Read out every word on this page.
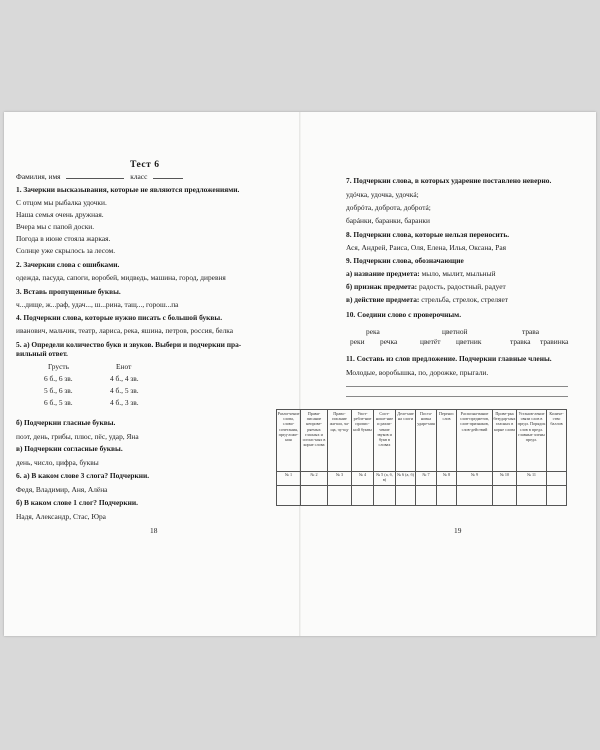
Тест 6
Фамилия, имя	класс
1. Зачеркни высказывания, которые не являются предложениями.
С отцом мы рыбалка удочки.
Наша семья очень дружная.
Вчера мы с папой доски.
Погода в июне стояла жаркая.
Солнце уже скрылось за лесом.
2. Зачеркни слова с ошибками.
одежда, пасуда, сапоги, воробей, мидведь, машина, город, диревня
3. Вставь пропущенные буквы.
ч...дище, ж...раф, удач..., ш...рина, тащ..., горош...па
4. Подчеркни слова, которые нужно писать с большой буквы.
иванович, мальчик, театр, лариса, река, яшина, петров, россия, белка
5. а) Определи количество букв и звуков. Выбери и подчеркни пра-
вильный ответ.
Грусть	Енот
6 б., 6 зв.	4 б., 4 зв.
5 б., 6 зв.	4 б., 5 зв.
6 б., 5 зв.	4 б., 3 зв.
б) Подчеркни гласные буквы.
поэт, день, грибы, плюс, пёс, удар, Яна
в) Подчеркни согласные буквы.
день, число, цифра, буквы
6. а) В каком слове 3 слога? Подчеркни.
Федя, Владимир, Аня, Алёна
б) В каком слове 1 слог? Подчеркни.
Надя, Александр, Стас, Юра
18
7. Подчеркни слова, в которых ударение поставлено неверно.
удóчка, удочка, удочкá;
добрóта, доброта, добротá;
барáнки, баранки, баранки
8. Подчеркни слова, которые нельзя переносить.
Ася, Андрей, Раиса, Оля, Елена, Илья, Оксана, Рая
9. Подчеркни слова, обозначающие
а) название предмета: мыло, мылит, мыльный
б) признак предмета: радость, радостный, радует
в) действие предмета: стрельба, стрелок, стреляет
10. Соедини слово с проверочным.
река	цветной	трава
реки речка	цветёт цветник	травка травинка
11. Составь из слов предложение. Подчеркни главные члены.
Молодые, воробышка, по, дорожке, прыгали.
Разли-чение слова, слово-сочетания, пред-ложе-ния	Прави-писание непрове-ряемых гласных и соглас-ных в корне слова	Право-писание жи-ши, ча-ща, чу-щу	Упот-ребле-ние пропис-ной буквы	Соот-ноше-ние и разли-чение звуков и букв в словах	Деле-ние на слоги	Поста-новка ударе-ния	Перенос слов	Распозна-вание слов-предметов, слов-признаков, слов-действий	Прове-рка безудар-ных гласных в корне слова	Установ-ление связи слов в предл. Порядок слов в предл. главные члены предл.	Количе-ство баллов

№ 1	№ 2	№ 3	№ 4	№ 5 (а, б, в)	№ 6 (а, б)	№ 7	№ 8	№ 9	№ 10	№ 11	

19
